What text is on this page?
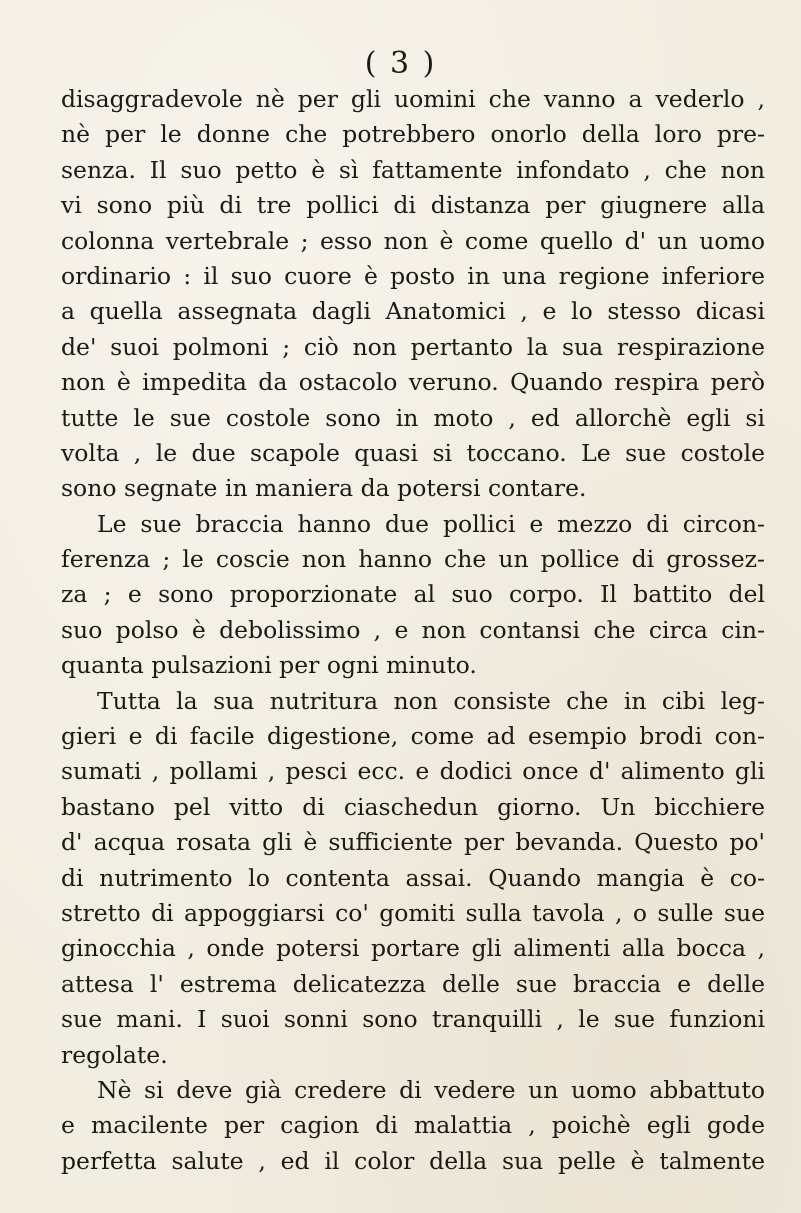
( 3 )
disaggradevole nè per gli uomini che vanno a vederlo ,
nè per le donne che potrebbero onorlo della loro pre-
senza. Il suo petto è sì fattamente infondato , che non
vi sono più di tre pollici di distanza per giugnere alla
colonna vertebrale ; esso non è come quello d' un uomo
ordinario : il suo cuore è posto in una regione inferiore
a quella assegnata dagli Anatomici , e lo stesso dicasi
de' suoi polmoni ; ciò non pertanto la sua respirazione
non è impedita da ostacolo veruno. Quando respira però
tutte le sue costole sono in moto , ed allorchè egli si
volta , le due scapole quasi si toccano. Le sue costole
sono segnate in maniera da potersi contare.
Le sue braccia hanno due pollici e mezzo di circon-
ferenza ; le coscie non hanno che un pollice di grossez-
za ; e sono proporzionate al suo corpo. Il battito del
suo polso è debolissimo , e non contansi che circa cin-
quanta pulsazioni per ogni minuto.
Tutta la sua nutritura non consiste che in cibi leg-
gieri e di facile digestione, come ad esempio brodi con-
sumati , pollami , pesci ecc. e dodici once d' alimento gli
bastano pel vitto di ciaschedun giorno. Un bicchiere
d' acqua rosata gli è sufficiente per bevanda. Questo po'
di nutrimento lo contenta assai. Quando mangia è co-
stretto di appoggiarsi co' gomiti sulla tavola , o sulle sue
ginocchia , onde potersi portare gli alimenti alla bocca ,
attesa l' estrema delicatezza delle sue braccia e delle
sue mani. I suoi sonni sono tranquilli , le sue funzioni
regolate.
Nè si deve già credere di vedere un uomo abbattuto
e macilente per cagion di malattia , poichè egli gode
perfetta salute , ed il color della sua pelle è talmente
